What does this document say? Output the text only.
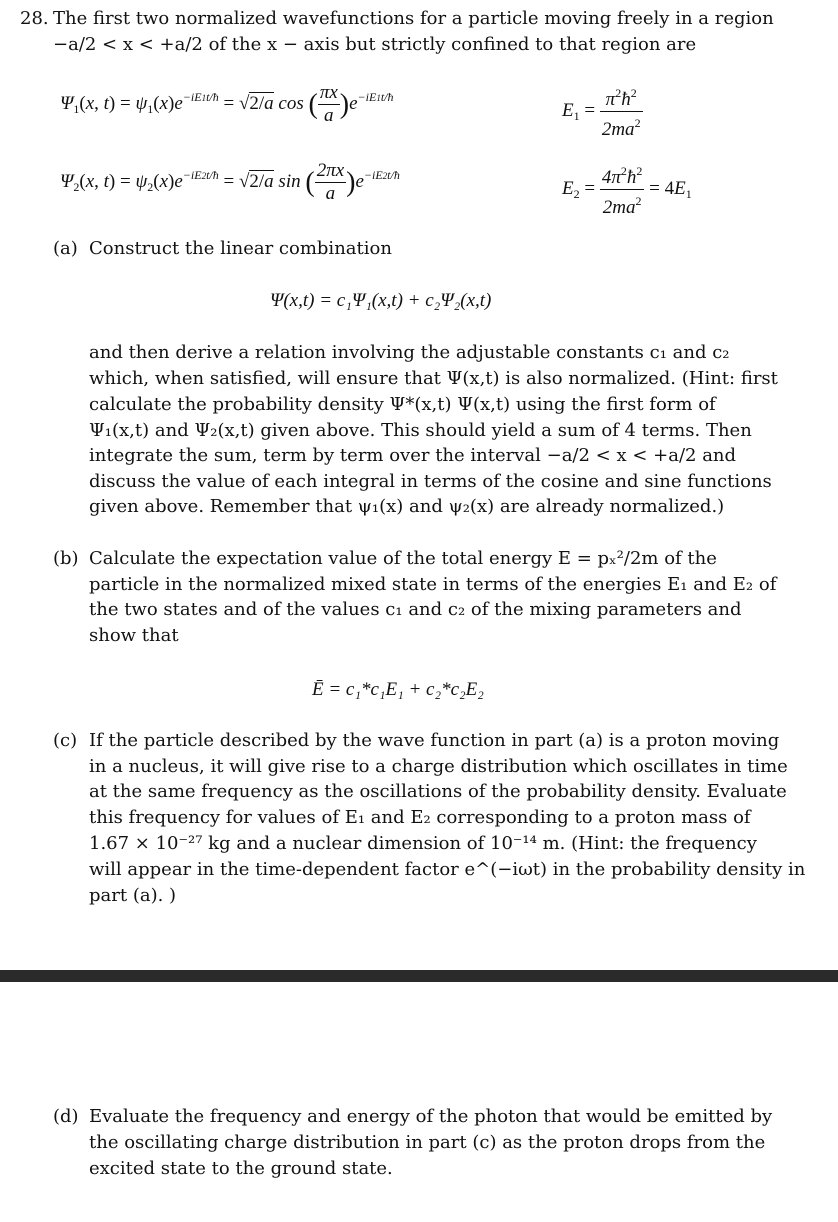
28. The first two normalized wavefunctions for a particle moving freely in a region
−a/2 < x < +a/2 of the x − axis but strictly confined to that region are
$\Psi_1(x$, $t) = \psi_1(x)e^{-iE1t/ħ} = √2/a$ cos ( $\frac{\pi x}{a} )e^{-iE1t/ħ}$
$E_1 = \frac{\pi^2ħ^2}{2ma^2}$
$\Psi_2(x$, $t) = \psi_2(x)e^{-iE2t/ħ} = √2/a$ sin ( $\frac{2\pi x}{a} )e^{-iE2t/ħ}$
$E_2 = \frac{4\pi^2ħ^2}{2ma^2} = 4E_1$
(a) Construct the linear combination
Ψ(x,t) = c₁Ψ₁(x,t) + c₂Ψ₂(x,t)
and then derive a relation involving the adjustable constants c₁ and c₂
which, when satisfied, will ensure that Ψ(x,t) is also normalized. (Hint: first
calculate the probability density Ψ*(x,t) Ψ(x,t) using the first form of
Ψ₁(x,t) and Ψ₂(x,t) given above. This should yield a sum of 4 terms. Then
integrate the sum, term by term over the interval −a/2 < x < +a/2 and
discuss the value of each integral in terms of the cosine and sine functions
given above. Remember that ψ₁(x) and ψ₂(x) are already normalized.)
(b) Calculate the expectation value of the total energy E = pₓ²/2m of the
particle in the normalized mixed state in terms of the energies E₁ and E₂ of
the two states and of the values c₁ and c₂ of the mixing parameters and
show that
Ē = c₁*c₁E₁ + c₂*c₂E₂
(c) If the particle described by the wave function in part (a) is a proton moving
in a nucleus, it will give rise to a charge distribution which oscillates in time
at the same frequency as the oscillations of the probability density. Evaluate
this frequency for values of E₁ and E₂ corresponding to a proton mass of
1.67 × 10⁻²⁷ kg and a nuclear dimension of 10⁻¹⁴ m. (Hint: the frequency
will appear in the time-dependent factor e^(−iωt) in the probability density in
part (a). )
(d) Evaluate the frequency and energy of the photon that would be emitted by
the oscillating charge distribution in part (c) as the proton drops from the
excited state to the ground state.
